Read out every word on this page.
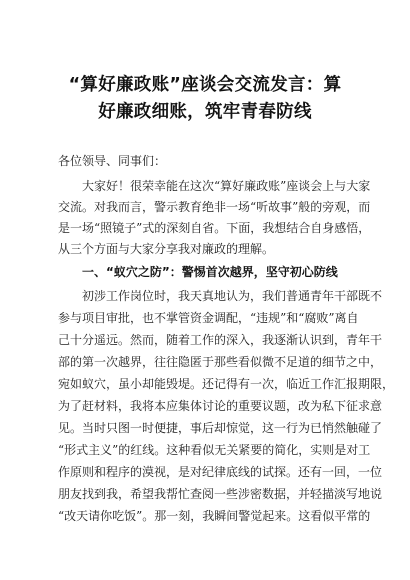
“算好廉政账”座谈会交流发言：算
好廉政细账，筑牢青春防线
各位领导、同事们：
大家好！很荣幸能在这次“算好廉政账”座谈会上与大家
交流。对我而言，警示教育绝非一场“听故事”般的旁观，而
是一场“照镜子”式的深刻自省。下面，我想结合自身感悟，
从三个方面与大家分享我对廉政的理解。
一、“蚁穴之防”：警惕首次越界，坚守初心防线
初涉工作岗位时，我天真地认为，我们普通青年干部既不
参与项目审批，也不掌管资金调配，“违规”和“腐败”离自
己十分遥远。然而，随着工作的深入，我逐渐认识到，青年干
部的第一次越界，往往隐匿于那些看似微不足道的细节之中，
宛如蚁穴，虽小却能毁堤。还记得有一次，临近工作汇报期限，
为了赶材料，我将本应集体讨论的重要议题，改为私下征求意
见。当时只图一时便捷，事后却惊觉，这一行为已悄然触碰了
“形式主义”的红线。这种看似无关紧要的简化，实则是对工
作原则和程序的漠视，是对纪律底线的试探。还有一回，一位
朋友找到我，希望我帮忙查阅一些涉密数据，并轻描淡写地说
“改天请你吃饭”。那一刻，我瞬间警觉起来。这看似平常的
